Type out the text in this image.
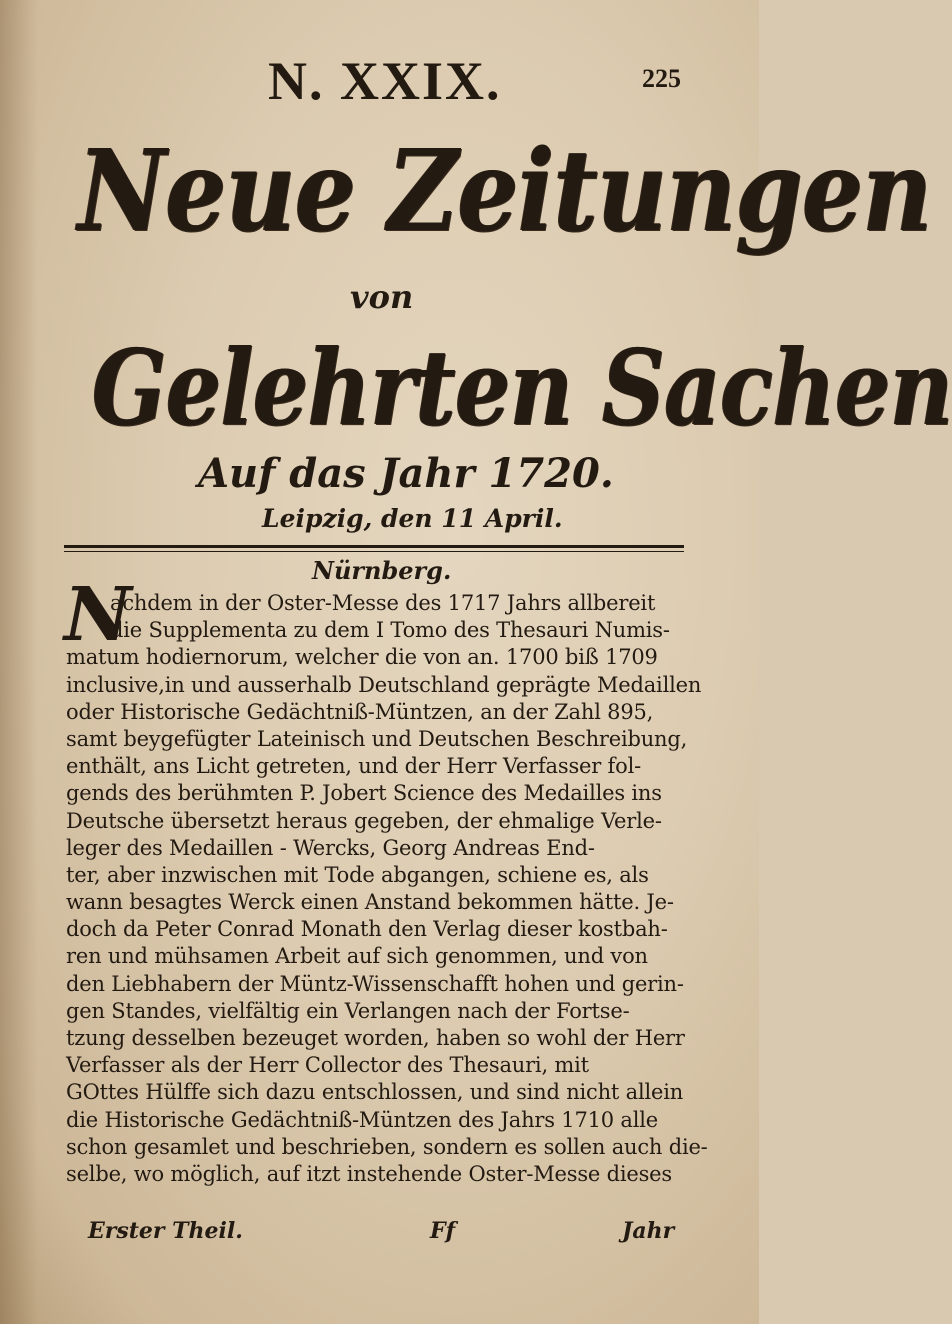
N. XXIX.	225
Neue Zeitungen
von
Gelehrten Sachen
Auf das Jahr 1720.
Leipzig, den 11 April.
Nürnberg.
N
achdem in der Oster-Messe des 1717 Jahrs allbereit
die Supplementa zu dem I Tomo des Thesauri Numis-
matum hodiernorum, welcher die von an. 1700 biß 1709
inclusive,in und ausserhalb Deutschland geprägte Medaillen
oder Historische Gedächtniß-Müntzen, an der Zahl 895,
samt beygefügter Lateinisch und Deutschen Beschreibung,
enthält, ans Licht getreten, und der Herr Verfasser fol-
gends des berühmten P. Jobert Science des Medailles ins
Deutsche übersetzt heraus gegeben, der ehmalige Verle-
leger des Medaillen - Wercks, Georg Andreas End-
ter, aber inzwischen mit Tode abgangen, schiene es, als
wann besagtes Werck einen Anstand bekommen hätte. Je-
doch da Peter Conrad Monath den Verlag dieser kostbah-
ren und mühsamen Arbeit auf sich genommen, und von
den Liebhabern der Müntz-Wissenschafft hohen und gerin-
gen Standes, vielfältig ein Verlangen nach der Fortse-
tzung desselben bezeuget worden, haben so wohl der Herr
Verfasser als der Herr Collector des Thesauri, mit
GOttes Hülffe sich dazu entschlossen, und sind nicht allein
die Historische Gedächtniß-Müntzen des Jahrs 1710 alle
schon gesamlet und beschrieben, sondern es sollen auch die-
selbe, wo möglich, auf itzt instehende Oster-Messe dieses
Erster Theil.	Ff	Jahr
